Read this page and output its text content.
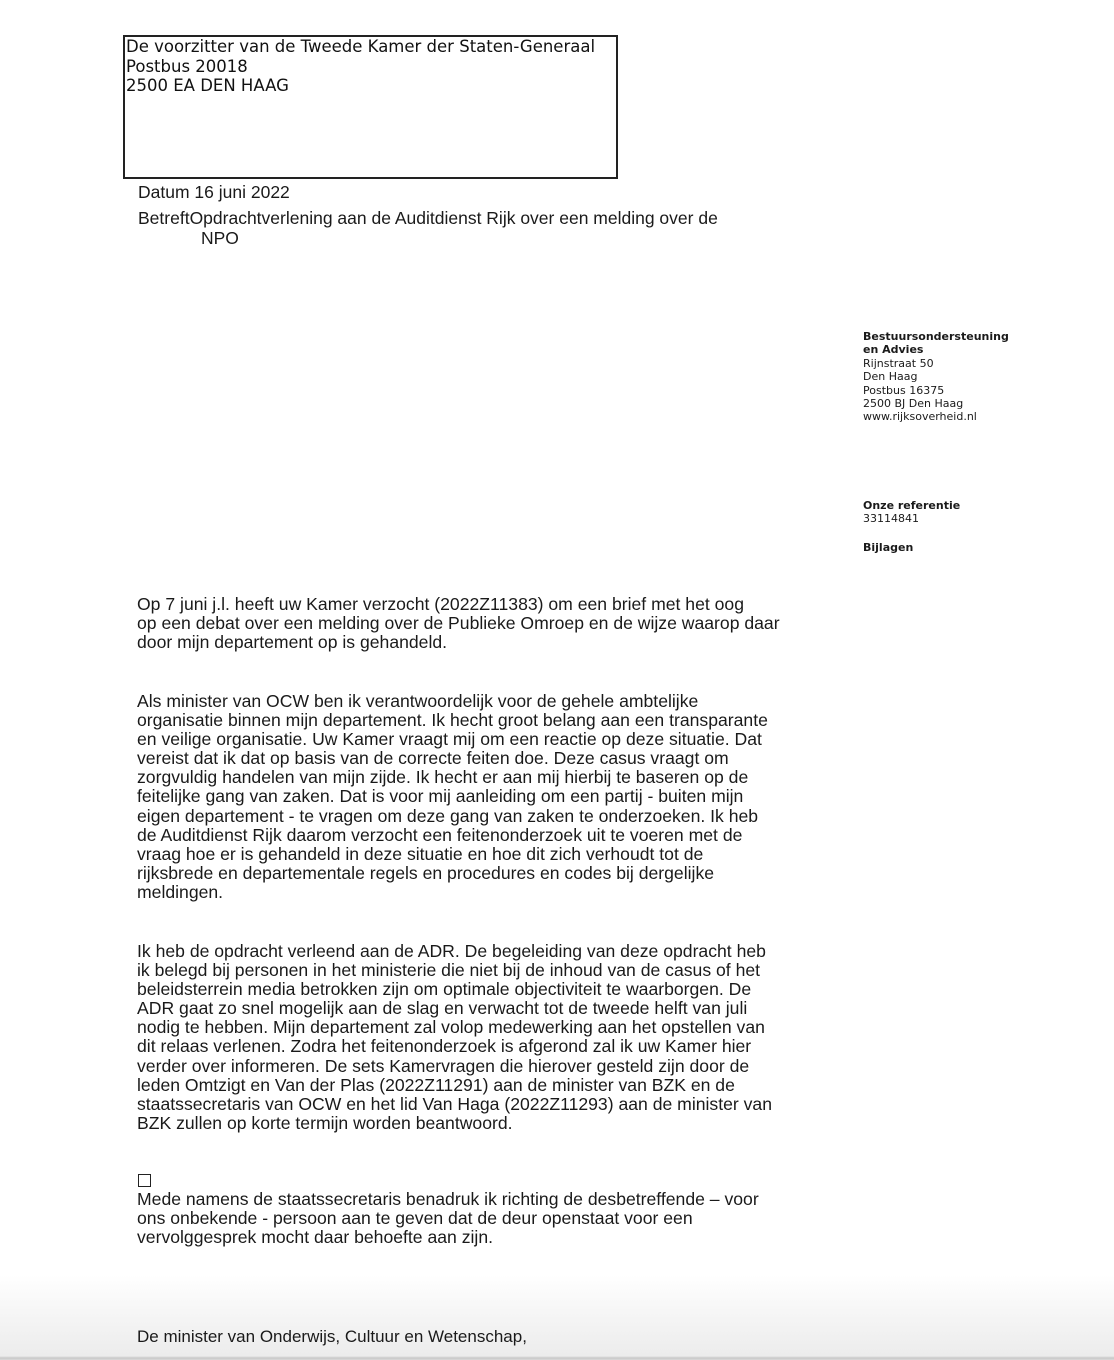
De voorzitter van de Tweede Kamer der Staten-Generaal
Postbus 20018
2500 EA DEN HAAG
Datum 16 juni 2022
BetreftOpdrachtverlening aan de Auditdienst Rijk over een melding over de
NPO
Bestuursondersteuning
en Advies
Rijnstraat 50
Den Haag
Postbus 16375
2500 BJ Den Haag
www.rijksoverheid.nl
Onze referentie
33114841
Bijlagen
Op 7 juni j.l. heeft uw Kamer verzocht (2022Z11383) om een brief met het oog
op een debat over een melding over de Publieke Omroep en de wijze waarop daar
door mijn departement op is gehandeld.
Als minister van OCW ben ik verantwoordelijk voor de gehele ambtelijke
organisatie binnen mijn departement. Ik hecht groot belang aan een transparante
en veilige organisatie. Uw Kamer vraagt mij om een reactie op deze situatie. Dat
vereist dat ik dat op basis van de correcte feiten doe. Deze casus vraagt om
zorgvuldig handelen van mijn zijde. Ik hecht er aan mij hierbij te baseren op de
feitelijke gang van zaken. Dat is voor mij aanleiding om een partij - buiten mijn
eigen departement - te vragen om deze gang van zaken te onderzoeken. Ik heb
de Auditdienst Rijk daarom verzocht een feitenonderzoek uit te voeren met de
vraag hoe er is gehandeld in deze situatie en hoe dit zich verhoudt tot de
rijksbrede en departementale regels en procedures en codes bij dergelijke
meldingen.
Ik heb de opdracht verleend aan de ADR. De begeleiding van deze opdracht heb
ik belegd bij personen in het ministerie die niet bij de inhoud van de casus of het
beleidsterrein media betrokken zijn om optimale objectiviteit te waarborgen. De
ADR gaat zo snel mogelijk aan de slag en verwacht tot de tweede helft van juli
nodig te hebben. Mijn departement zal volop medewerking aan het opstellen van
dit relaas verlenen. Zodra het feitenonderzoek is afgerond zal ik uw Kamer hier
verder over informeren. De sets Kamervragen die hierover gesteld zijn door de
leden Omtzigt en Van der Plas (2022Z11291) aan de minister van BZK en de
staatssecretaris van OCW en het lid Van Haga (2022Z11293) aan de minister van
BZK zullen op korte termijn worden beantwoord.
Mede namens de staatssecretaris benadruk ik richting de desbetreffende – voor
ons onbekende - persoon aan te geven dat de deur openstaat voor een
vervolggesprek mocht daar behoefte aan zijn.
De minister van Onderwijs, Cultuur en Wetenschap,
